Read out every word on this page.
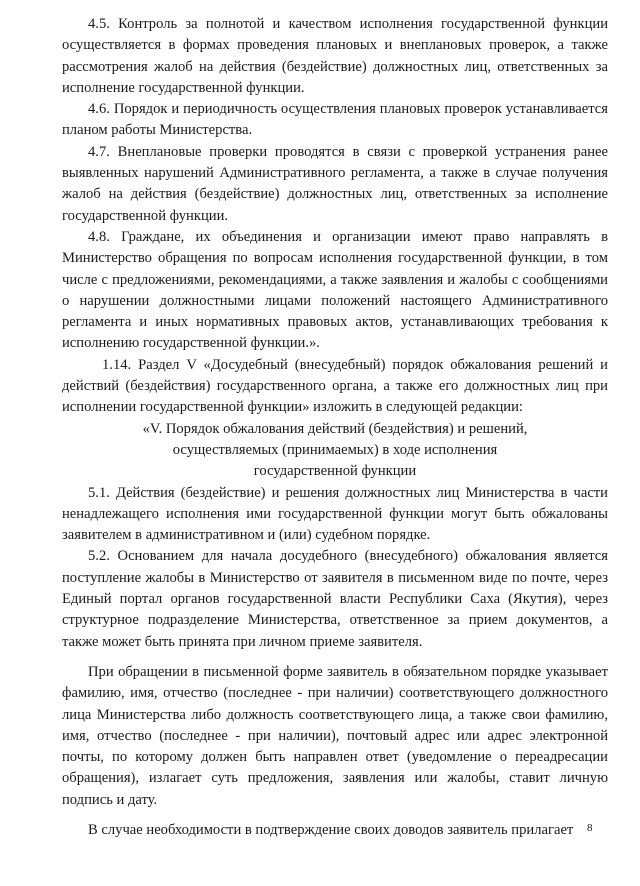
4.5. Контроль за полнотой и качеством исполнения государственной функции осуществляется в формах проведения плановых и внеплановых проверок, а также рассмотрения жалоб на действия (бездействие) должностных лиц, ответственных за исполнение государственной функции.

4.6. Порядок и периодичность осуществления плановых проверок устанавливается планом работы Министерства.

4.7. Внеплановые проверки проводятся в связи с проверкой устранения ранее выявленных нарушений Административного регламента, а также в случае получения жалоб на действия (бездействие) должностных лиц, ответственных за исполнение государственной функции.

4.8. Граждане, их объединения и организации имеют право направлять в Министерство обращения по вопросам исполнения государственной функции, в том числе с предложениями, рекомендациями, а также заявления и жалобы с сообщениями о нарушении должностными лицами положений настоящего Административного регламента и иных нормативных правовых актов, устанавливающих требования к исполнению государственной функции.».

1.14. Раздел V «Досудебный (внесудебный) порядок обжалования решений и действий (бездействия) государственного органа, а также его должностных лиц при исполнении государственной функции» изложить в следующей редакции:

«V. Порядок обжалования действий (бездействия) и решений,
осуществляемых (принимаемых) в ходе исполнения
государственной функции

5.1. Действия (бездействие) и решения должностных лиц Министерства в части ненадлежащего исполнения ими государственной функции могут быть обжалованы заявителем в административном и (или) судебном порядке.

5.2. Основанием для начала досудебного (внесудебного) обжалования является поступление жалобы в Министерство от заявителя в письменном виде по почте, через Единый портал органов государственной власти Республики Саха (Якутия), через структурное подразделение Министерства, ответственное за прием документов, а также может быть принята при личном приеме заявителя.

При обращении в письменной форме заявитель в обязательном порядке указывает фамилию, имя, отчество (последнее - при наличии) соответствующего должностного лица Министерства либо должность соответствующего лица, а также свои фамилию, имя, отчество (последнее - при наличии), почтовый адрес или адрес электронной почты, по которому должен быть направлен ответ (уведомление о переадресации обращения), излагает суть предложения, заявления или жалобы, ставит личную подпись и дату.

В случае необходимости в подтверждение своих доводов заявитель прилагает	8
